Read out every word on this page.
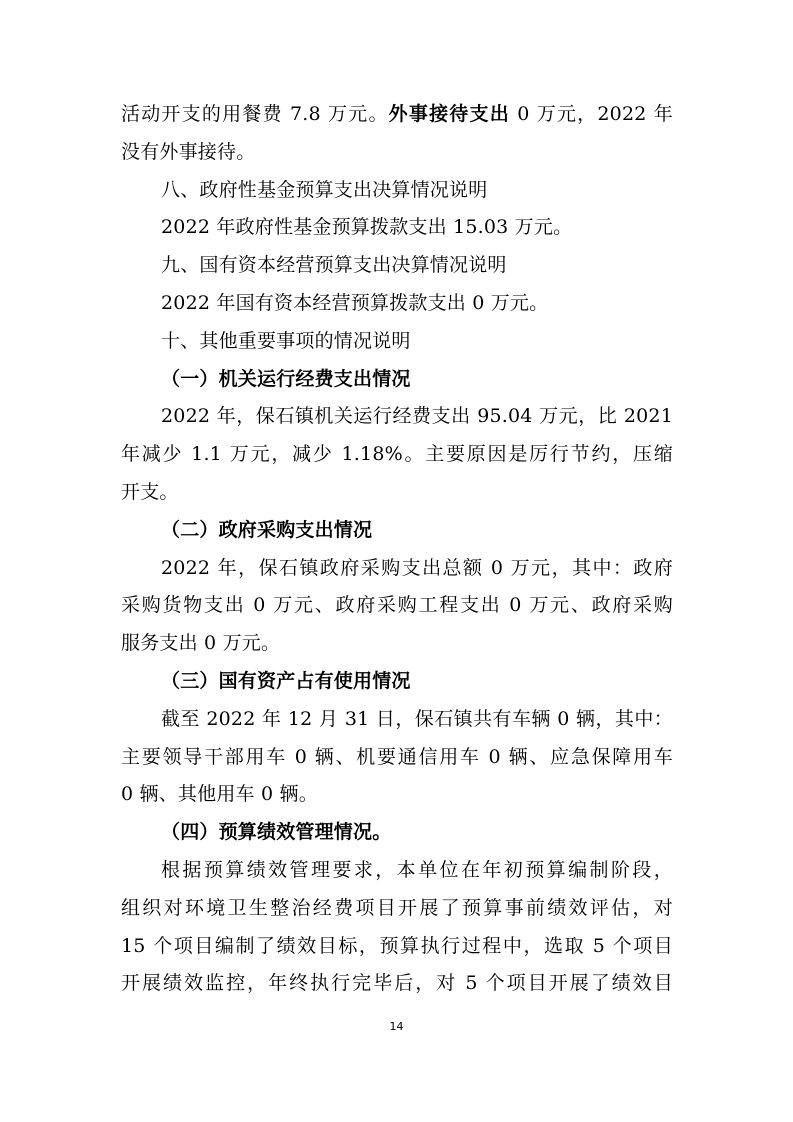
活动开支的用餐费 7.8 万元。外事接待支出 0 万元，2022 年
没有外事接待。
八、政府性基金预算支出决算情况说明
2022 年政府性基金预算拨款支出 15.03 万元。
九、国有资本经营预算支出决算情况说明
2022 年国有资本经营预算拨款支出 0 万元。
十、其他重要事项的情况说明
（一）机关运行经费支出情况
2022 年，保石镇机关运行经费支出 95.04 万元，比 2021
年减少 1.1 万元，减少 1.18%。主要原因是厉行节约，压缩
开支。
（二）政府采购支出情况
2022 年，保石镇政府采购支出总额 0 万元，其中：政府
采购货物支出 0 万元、政府采购工程支出 0 万元、政府采购
服务支出 0 万元。
（三）国有资产占有使用情况
截至 2022 年 12 月 31 日，保石镇共有车辆 0 辆，其中：
主要领导干部用车 0 辆、机要通信用车 0 辆、应急保障用车
0 辆、其他用车 0 辆。
（四）预算绩效管理情况。
根据预算绩效管理要求，本单位在年初预算编制阶段，
组织对环境卫生整治经费项目开展了预算事前绩效评估，对
15 个项目编制了绩效目标，预算执行过程中，选取 5 个项目
开展绩效监控，年终执行完毕后，对 5 个项目开展了绩效目
14
